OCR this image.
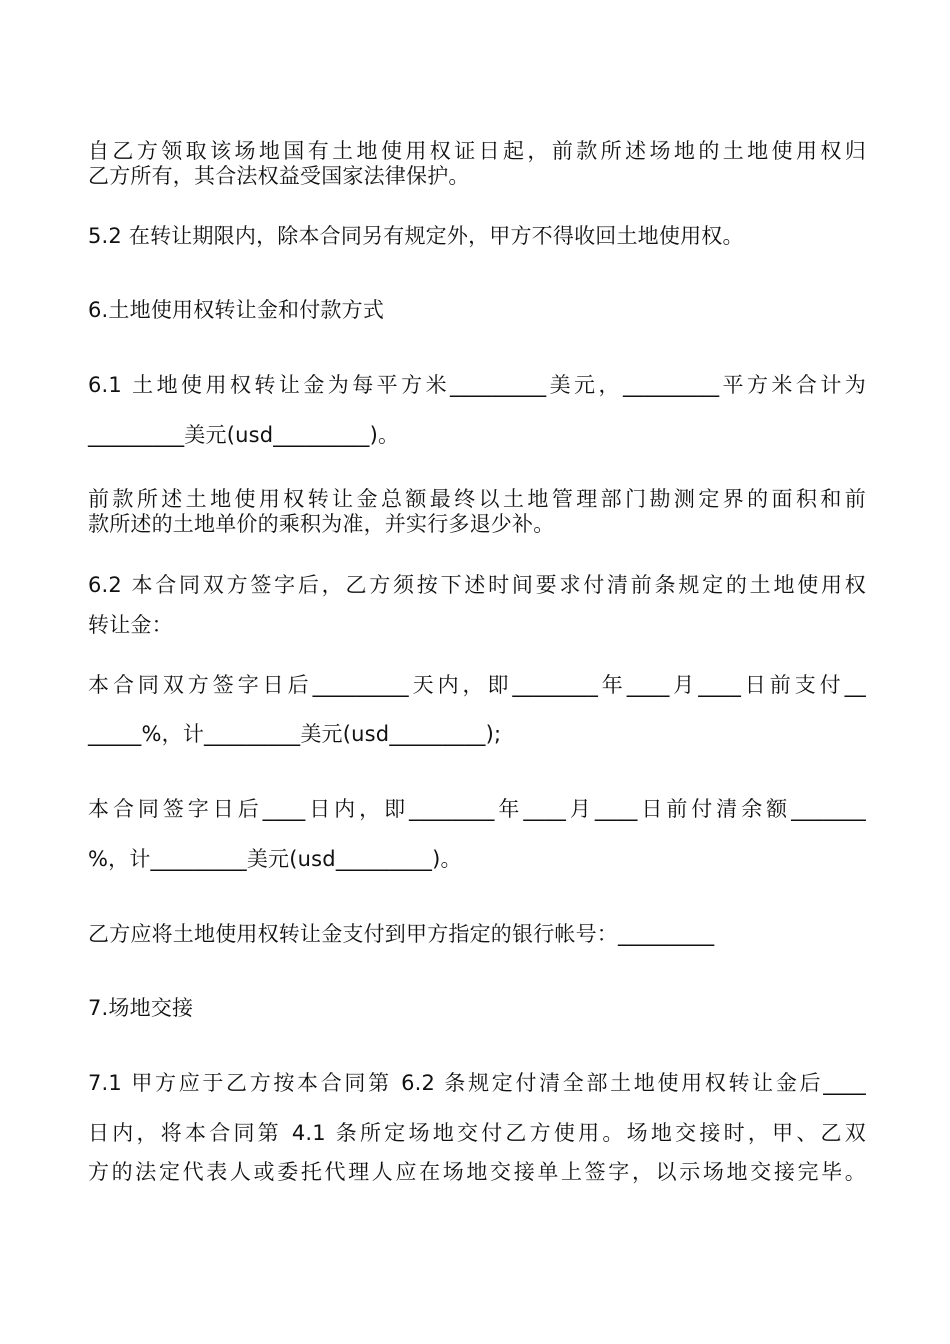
自乙方领取该场地国有土地使用权证日起，前款所述场地的土地使用权归
乙方所有，其合法权益受国家法律保护。
5.2 在转让期限内，除本合同另有规定外，甲方不得收回土地使用权。
6.土地使用权转让金和付款方式
6.1 土地使用权转让金为每平方米_________美元，_________平方米合计为
_________美元(usd_________)。
前款所述土地使用权转让金总额最终以土地管理部门勘测定界的面积和前
款所述的土地单价的乘积为准，并实行多退少补。
6.2 本合同双方签字后，乙方须按下述时间要求付清前条规定的土地使用权
转让金：
本合同双方签字日后_________天内，即________年____月____日前支付__
_____%，计_________美元(usd_________);
本合同签字日后____日内，即________年____月____日前付清余额_______
%，计_________美元(usd_________)。
乙方应将土地使用权转让金支付到甲方指定的银行帐号：_________
7.场地交接
7.1 甲方应于乙方按本合同第 6.2 条规定付清全部土地使用权转让金后____
日内，将本合同第 4.1 条所定场地交付乙方使用。场地交接时，甲、乙双
方的法定代表人或委托代理人应在场地交接单上签字，以示场地交接完毕。
